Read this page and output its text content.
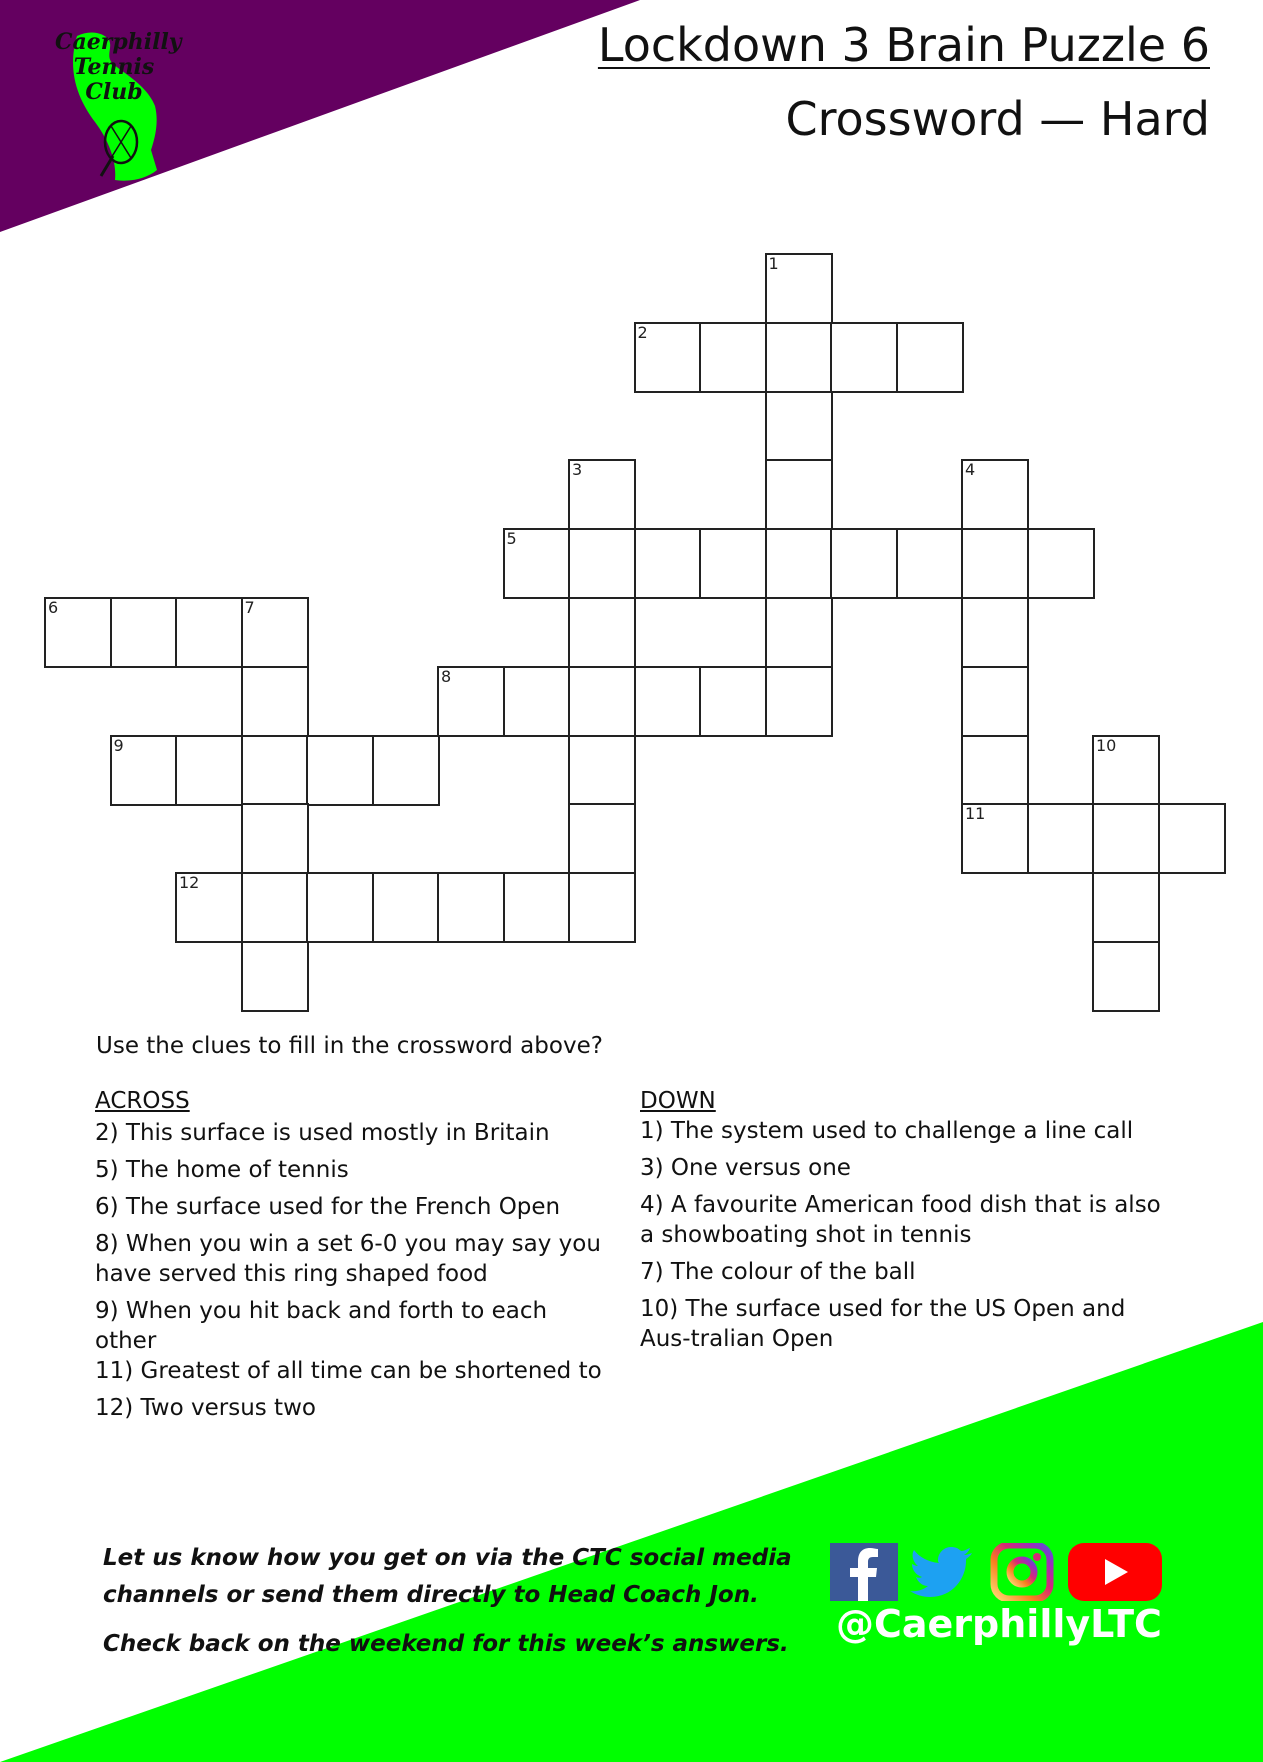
Caerphilly
Tennis Club
Lockdown 3 Brain Puzzle 6
Crossword — Hard
1
2
3	4
5
6	7
8
9	10
11
12
Use the clues to fill in the crossword above?
ACROSS
2) This surface is used mostly in Britain
5) The home of tennis
6) The surface used for the French Open
8) When you win a set 6-0 you may say you have served this ring shaped food
9) When you hit back and forth to each other
11) Greatest of all time can be shortened to
12) Two versus two
DOWN
1) The system used to challenge a line call
3) One versus one
4) A favourite American food dish that is also a showboating shot in tennis
7) The colour of the ball
10) The surface used for the US Open and Aus-tralian Open

Let us know how you get on via the CTC social media

channels or send them directly to Head Coach Jon.

Check back on the weekend for this week’s answers. @CaerphillyLTC
